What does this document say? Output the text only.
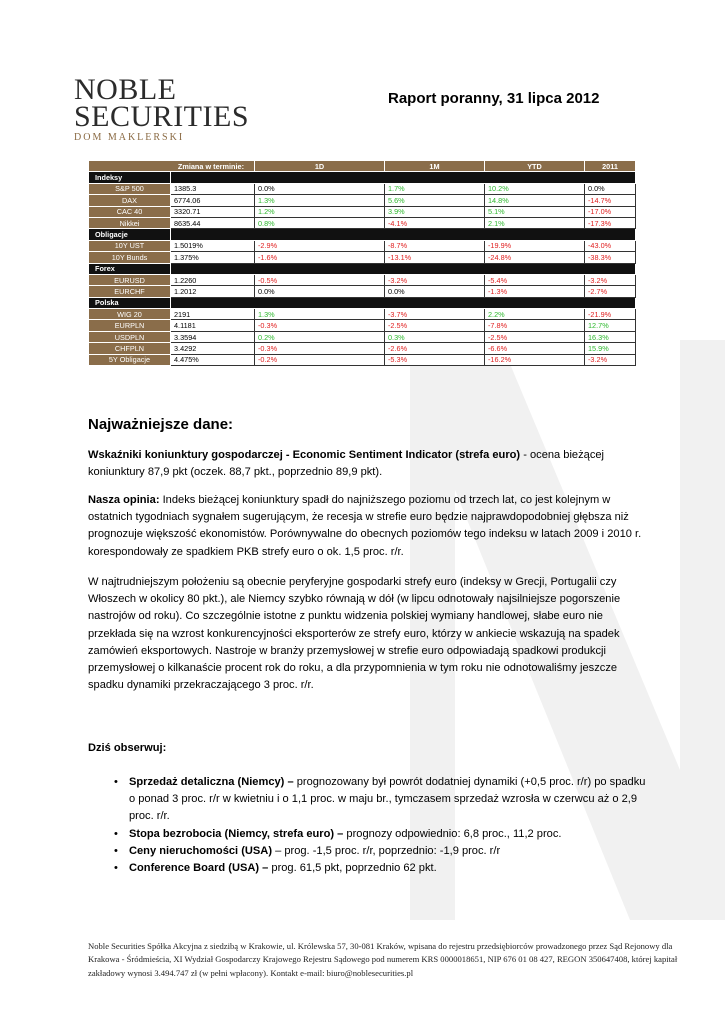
NOBLE
SECURITIES
DOM MAKLERSKI
Raport poranny, 31 lipca 2012
Zmiana w terminie:		1D	1M	YTD	2011
Indeksy					
S&P 500	1385.3	0.0%	1.7%	10.2%	0.0%
DAX	6774.06	1.3%	5.6%	14.8%	-14.7%
CAC 40	3320.71	1.2%	3.9%	5.1%	-17.0%
Nikkei	8635.44	0.8%	-4.1%	2.1%	-17.3%
Obligacje					
10Y UST	1.5019%	-2.9%	-8.7%	-19.9%	-43.0%
10Y Bunds	1.375%	-1.6%	-13.1%	-24.8%	-38.3%
Forex					
EURUSD	1.2260	-0.5%	-3.2%	-5.4%	-3.2%
EURCHF	1.2012	0.0%	0.0%	-1.3%	-2.7%
Polska					
WIG 20	2191	1.3%	-3.7%	2.2%	-21.9%
EURPLN	4.1181	-0.3%	-2.5%	-7.8%	12.7%
USDPLN	3.3594	0.2%	0.3%	-2.5%	16.3%
CHFPLN	3.4292	-0.3%	-2.6%	-6.6%	15.9%
5Y Obligacje	4.475%	-0.2%	-5.3%	-16.2%	-3.2%
Najważniejsze dane:
Wskaźniki koniunktury gospodarczej - Economic Sentiment Indicator (strefa euro) - ocena bieżącej koniunktury 87,9 pkt (oczek. 88,7 pkt., poprzednio 89,9 pkt).
Nasza opinia: Indeks bieżącej koniunktury spadł do najniższego poziomu od trzech lat, co jest kolejnym w ostatnich tygodniach sygnałem sugerującym, że recesja w strefie euro będzie najprawdopodobniej głębsza niż prognozuje większość ekonomistów. Porównywalne do obecnych poziomów tego indeksu w latach 2009 i 2010 r. korespondowały ze spadkiem PKB strefy euro o ok. 1,5 proc. r/r.
W najtrudniejszym położeniu są obecnie peryferyjne gospodarki strefy euro (indeksy w Grecji, Portugalii czy Włoszech w okolicy 80 pkt.), ale Niemcy szybko równają w dół (w lipcu odnotowały najsilniejsze pogorszenie nastrojów od roku). Co szczególnie istotne z punktu widzenia polskiej wymiany handlowej, słabe euro nie przekłada się na wzrost konkurencyjności eksporterów ze strefy euro, którzy w ankiecie wskazują na spadek zamówień eksportowych. Nastroje w branży przemysłowej w strefie euro odpowiadają spadkowi produkcji przemysłowej o kilkanaście procent rok do roku, a dla przypomnienia w tym roku nie odnotowaliśmy jeszcze spadku dynamiki przekraczającego 3 proc. r/r.
Dziś obserwuj:
• Sprzedaż detaliczna (Niemcy) – prognozowany był powrót dodatniej dynamiki (+0,5 proc. r/r) po spadku o ponad 3 proc. r/r w kwietniu i o 1,1 proc. w maju br., tymczasem sprzedaż wzrosła w czerwcu aż o 2,9 proc. r/r.
• Stopa bezrobocia (Niemcy, strefa euro) – prognozy odpowiednio: 6,8 proc., 11,2 proc.
• Ceny nieruchomości (USA) – prog. -1,5 proc. r/r, poprzednio: -1,9 proc. r/r
• Conference Board (USA) – prog. 61,5 pkt, poprzednio 62 pkt.
Noble Securities Spółka Akcyjna z siedzibą w Krakowie, ul. Królewska 57, 30-081 Kraków, wpisana do rejestru przedsiębiorców prowadzonego przez Sąd Rejonowy dla Krakowa - Śródmieścia, XI Wydział Gospodarczy Krajowego Rejestru Sądowego pod numerem KRS 0000018651, NIP 676 01 08 427, REGON 350647408, której kapitał zakładowy wynosi 3.494.747 zł (w pełni wpłacony). Kontakt e-mail: biuro@noblesecurities.pl
